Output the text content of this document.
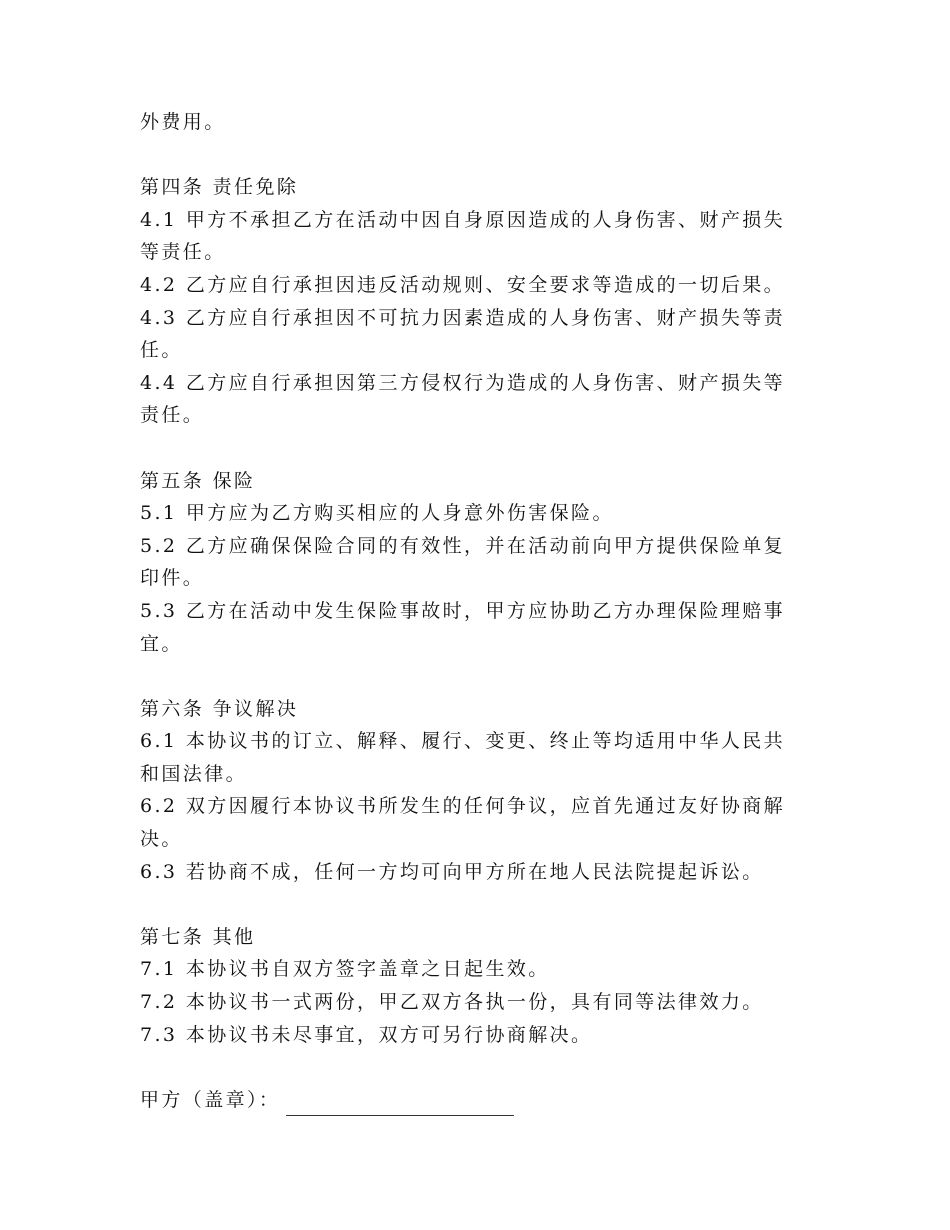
外费用。
第四条 责任免除
4.1 甲方不承担乙方在活动中因自身原因造成的人身伤害、财产损失
等责任。
4.2 乙方应自行承担因违反活动规则、安全要求等造成的一切后果。
4.3 乙方应自行承担因不可抗力因素造成的人身伤害、财产损失等责
任。
4.4 乙方应自行承担因第三方侵权行为造成的人身伤害、财产损失等
责任。
第五条 保险
5.1 甲方应为乙方购买相应的人身意外伤害保险。
5.2 乙方应确保保险合同的有效性，并在活动前向甲方提供保险单复
印件。
5.3 乙方在活动中发生保险事故时，甲方应协助乙方办理保险理赔事
宜。
第六条 争议解决
6.1 本协议书的订立、解释、履行、变更、终止等均适用中华人民共
和国法律。
6.2 双方因履行本协议书所发生的任何争议，应首先通过友好协商解
决。
6.3 若协商不成，任何一方均可向甲方所在地人民法院提起诉讼。
第七条 其他
7.1 本协议书自双方签字盖章之日起生效。
7.2 本协议书一式两份，甲乙双方各执一份，具有同等法律效力。
7.3 本协议书未尽事宜，双方可另行协商解决。
甲方（盖章）：
